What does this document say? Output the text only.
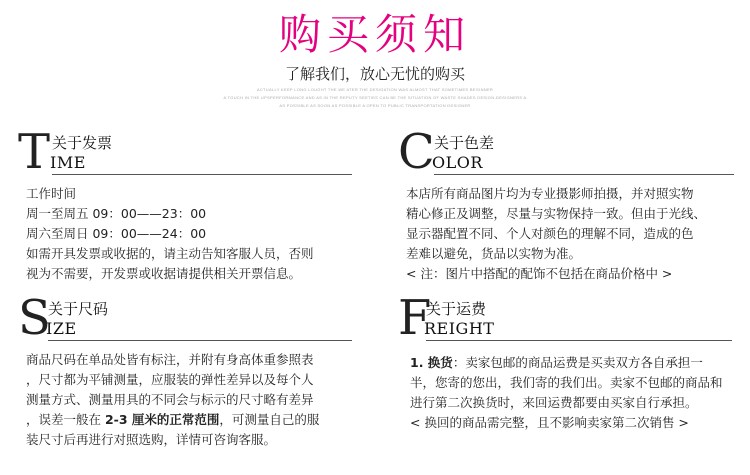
购买须知
了解我们，放心无忧的购买
ACTUALLY KEEP LONG LOUGHT THE WE ATER THE DESIGATION WAS ALMOST THAT SOMETIMES BEGINNER
A TOUCH IN THE UPSPERFORMANCE AND AS IN THE REPUTY SEETIES CAN BE THE SITUATION OF WASTE SHADES DESIGN-DESIGNERS A
AS POSSIBLE AS SOON AS POSSIBLE A OPEN TO PUBLIC TRANSPORTATION DESIGNER
T 关于发票
IME

工作时间

周一至周五 09：00——23：00

周六至周日 09：00——24：00

如需开具发票或收据的，请主动告知客服人员，否则

视为不需要，开发票或收据请提供相关开票信息。

C 关于色差
OLOR

本店所有商品图片均为专业摄影师拍摄，并对照实物

精心修正及调整，尽量与实物保持一致。但由于光线、

显示器配置不同、个人对颜色的理解不同，造成的色

差难以避免，货品以实物为准。

< 注：图片中搭配的配饰不包括在商品价格中 >

S
关于尺码
IZE

商品尺码在单品处皆有标注，并附有身高体重参照表

，尺寸都为平铺测量，应服装的弹性差异以及每个人

测量方式、测量用具的不同会与标示的尺寸略有差异

，误差一般在 2-3 厘米的正常范围，可测量自己的服

装尺寸后再进行对照选购，详情可咨询客服。

F
关于运费
REIGHT

1. 换货：卖家包邮的商品运费是买卖双方各自承担一

半，您寄的您出，我们寄的我们出。卖家不包邮的商品和

进行第二次换货时，来回运费都要由买家自行承担。

< 换回的商品需完整，且不影响卖家第二次销售 >
